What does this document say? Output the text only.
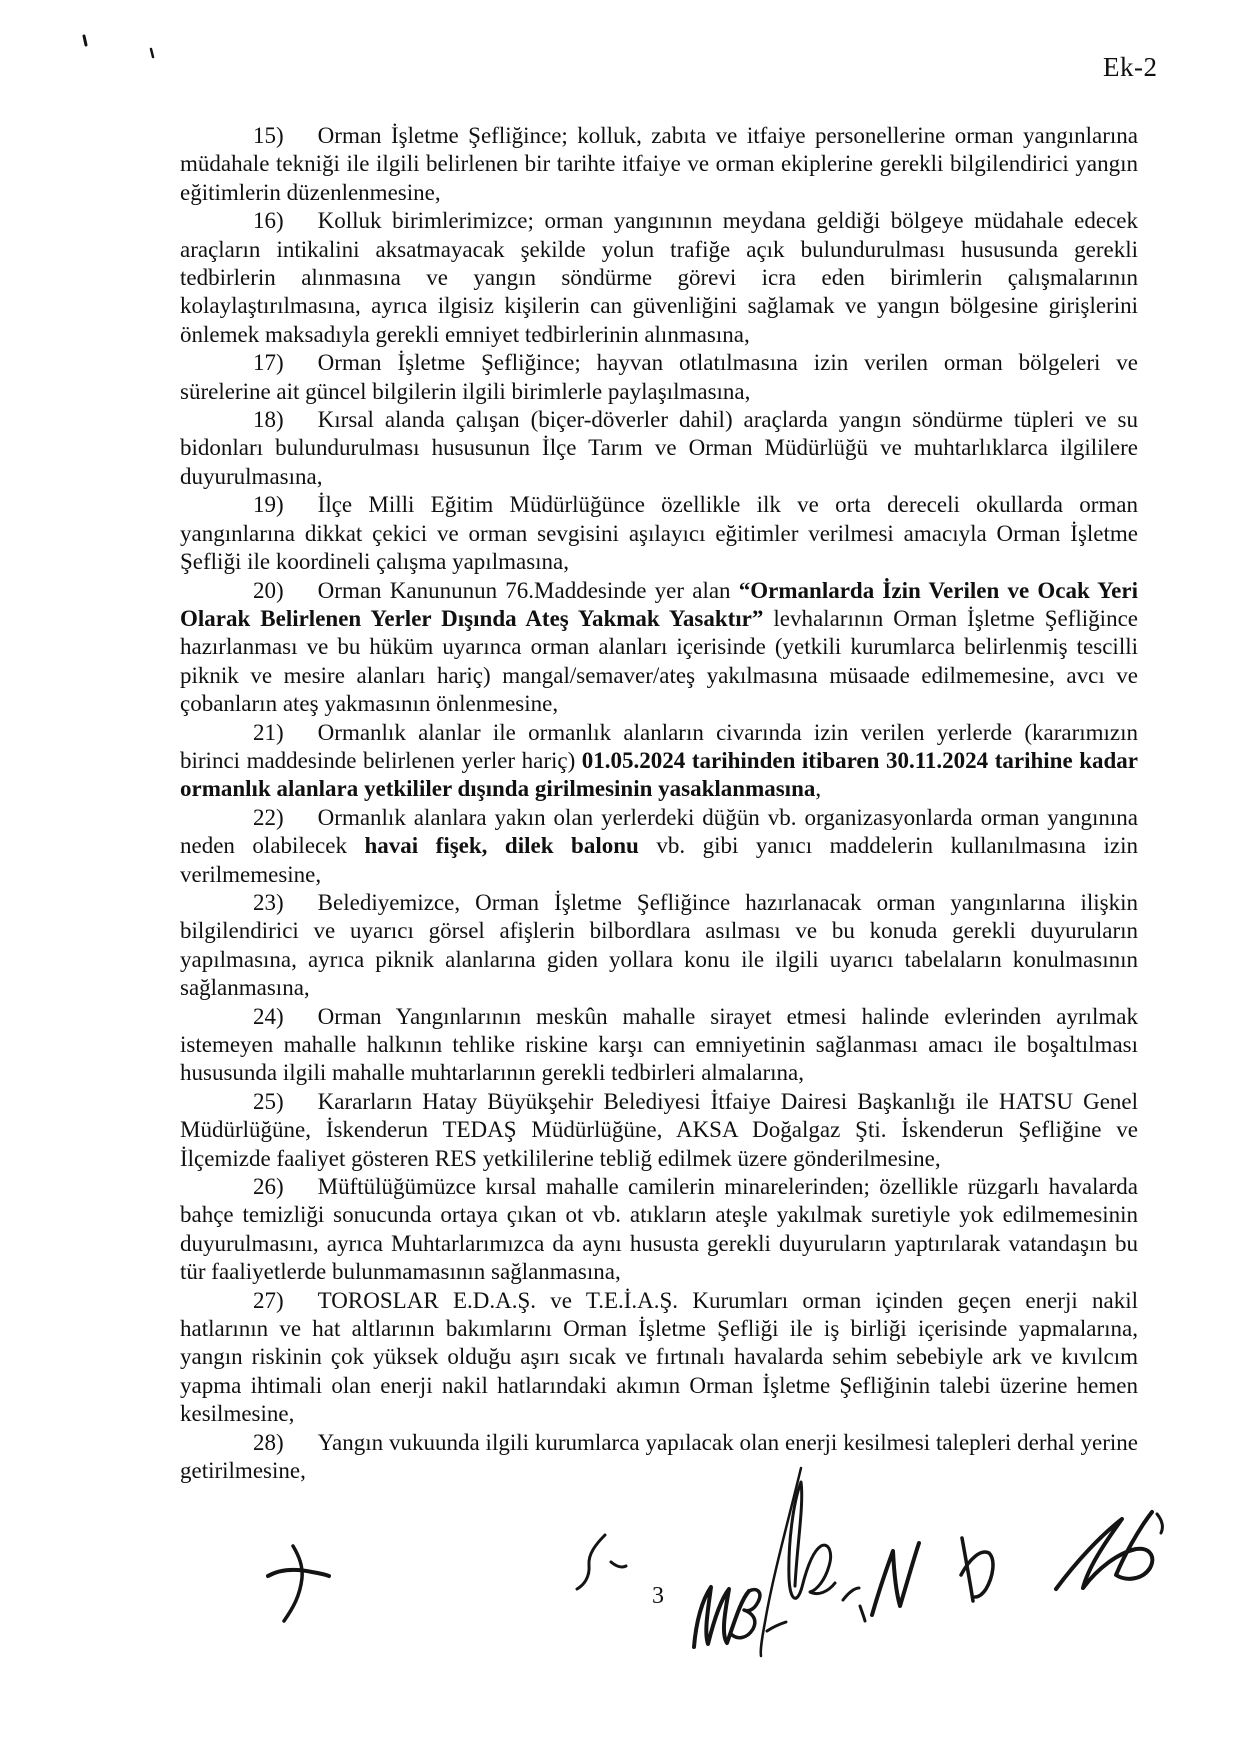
Ek-2

15) Orman İşletme Şefliğince; kolluk, zabıta ve itfaiye personellerine orman yangınlarına müdahale tekniği ile ilgili belirlenen bir tarihte itfaiye ve orman ekiplerine gerekli bilgilendirici yangın eğitimlerin düzenlenmesine,

16) Kolluk birimlerimizce; orman yangınının meydana geldiği bölgeye müdahale edecek araçların intikalini aksatmayacak şekilde yolun trafiğe açık bulundurulması hususunda gerekli tedbirlerin alınmasına ve yangın söndürme görevi icra eden birimlerin çalışmalarının kolaylaştırılmasına, ayrıca ilgisiz kişilerin can güvenliğini sağlamak ve yangın bölgesine girişlerini önlemek maksadıyla gerekli emniyet tedbirlerinin alınmasına,

17) Orman İşletme Şefliğince; hayvan otlatılmasına izin verilen orman bölgeleri ve sürelerine ait güncel bilgilerin ilgili birimlerle paylaşılmasına,

18) Kırsal alanda çalışan (biçer-döverler dahil) araçlarda yangın söndürme tüpleri ve su bidonları bulundurulması hususunun İlçe Tarım ve Orman Müdürlüğü ve muhtarlıklarca ilgililere duyurulmasına,

19) İlçe Milli Eğitim Müdürlüğünce özellikle ilk ve orta dereceli okullarda orman yangınlarına dikkat çekici ve orman sevgisini aşılayıcı eğitimler verilmesi amacıyla Orman İşletme Şefliği ile koordineli çalışma yapılmasına,

20) Orman Kanununun 76.Maddesinde yer alan “Ormanlarda İzin Verilen ve Ocak Yeri Olarak Belirlenen Yerler Dışında Ateş Yakmak Yasaktır” levhalarının Orman İşletme Şefliğince hazırlanması ve bu hüküm uyarınca orman alanları içerisinde (yetkili kurumlarca belirlenmiş tescilli piknik ve mesire alanları hariç) mangal/semaver/ateş yakılmasına müsaade edilmemesine, avcı ve çobanların ateş yakmasının önlenmesine,

21) Ormanlık alanlar ile ormanlık alanların civarında izin verilen yerlerde (kararımızın birinci maddesinde belirlenen yerler hariç) 01.05.2024 tarihinden itibaren 30.11.2024 tarihine kadar ormanlık alanlara yetkililer dışında girilmesinin yasaklanmasına,

22) Ormanlık alanlara yakın olan yerlerdeki düğün vb. organizasyonlarda orman yangınına neden olabilecek havai fişek, dilek balonu vb. gibi yanıcı maddelerin kullanılmasına izin verilmemesine,

23) Belediyemizce, Orman İşletme Şefliğince hazırlanacak orman yangınlarına ilişkin bilgilendirici ve uyarıcı görsel afişlerin bilbordlara asılması ve bu konuda gerekli duyuruların yapılmasına, ayrıca piknik alanlarına giden yollara konu ile ilgili uyarıcı tabelaların konulmasının sağlanmasına,

24) Orman Yangınlarının meskûn mahalle sirayet etmesi halinde evlerinden ayrılmak istemeyen mahalle halkının tehlike riskine karşı can emniyetinin sağlanması amacı ile boşaltılması hususunda ilgili mahalle muhtarlarının gerekli tedbirleri almalarına,

25) Kararların Hatay Büyükşehir Belediyesi İtfaiye Dairesi Başkanlığı ile HATSU Genel Müdürlüğüne, İskenderun TEDAŞ Müdürlüğüne, AKSA Doğalgaz Şti. İskenderun Şefliğine ve İlçemizde faaliyet gösteren RES yetkililerine tebliğ edilmek üzere gönderilmesine,

26) Müftülüğümüzce kırsal mahalle camilerin minarelerinden; özellikle rüzgarlı havalarda bahçe temizliği sonucunda ortaya çıkan ot vb. atıkların ateşle yakılmak suretiyle yok edilmemesinin duyurulmasını, ayrıca Muhtarlarımızca da aynı hususta gerekli duyuruların yaptırılarak vatandaşın bu tür faaliyetlerde bulunmamasının sağlanmasına,

27) TOROSLAR E.D.A.Ş. ve T.E.İ.A.Ş. Kurumları orman içinden geçen enerji nakil hatlarının ve hat altlarının bakımlarını Orman İşletme Şefliği ile iş birliği içerisinde yapmalarına, yangın riskinin çok yüksek olduğu aşırı sıcak ve fırtınalı havalarda sehim sebebiyle ark ve kıvılcım yapma ihtimali olan enerji nakil hatlarındaki akımın Orman İşletme Şefliğinin talebi üzerine hemen kesilmesine,

28) Yangın vukuunda ilgili kurumlarca yapılacak olan enerji kesilmesi talepleri derhal yerine getirilmesine,

3
